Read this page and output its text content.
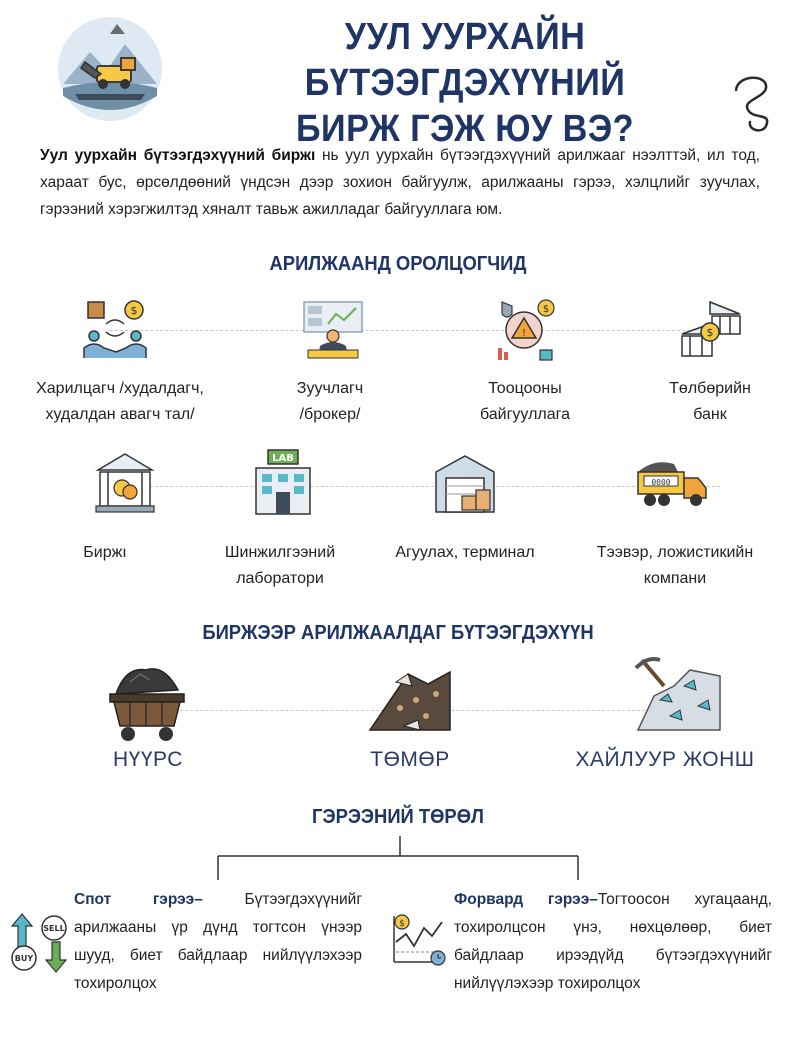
УУЛ УУРХАЙН БҮТЭЭГДЭХҮҮНИЙ
БИРЖ ГЭЖ ЮУ ВЭ?
Уул уурхайн бүтээгдэхүүний биржı нь уул уурхайн бүтээгдэхүүний арилжааг нээлттэй, ил тод, хараат бус, өрсөлдөөний үндсэн дээр зохион байгуулж, арилжааны гэрээ, хэлцлийг зуучлах, гэрээний хэрэгжилтэд хяналт тавьж ажилладаг байгууллага юм.
АРИЛЖААНД ОРОЛЦОГЧИД
$
!
$
$
Харилцагч /худалдагч,
худалдан авагч тал/
Зуучлагч
/брокер/
Тооцооны
байгууллага
Төлбөрийн
банк
LAB
0000
Биржı	Шинжилгээний
лаборатори
Агуулах, терминал	Тээвэр, ложистикийн
компани
БИРЖЭЭР АРИЛЖААЛДАГ БҮТЭЭГДЭХҮҮН
НҮҮРС	ТӨМӨР	ХАЙЛУУР ЖОНШ
ГЭРЭЭНИЙ ТӨРӨЛ
SELL
BUY
Спот гэрээ– Бүтээгдэхүүнийг арилжааны үр дүнд тогтсон үнээр шууд, биет байдлаар нийлүүлэхээр тохиролцох
$
Форвард гэрээ–Тогтоосон хугацаанд, тохиролцсон үнэ, нөхцөлөөр, биет байдлаар ирээдүйд бүтээгдэхүүнийг нийлүүлэхээр тохиролцох
